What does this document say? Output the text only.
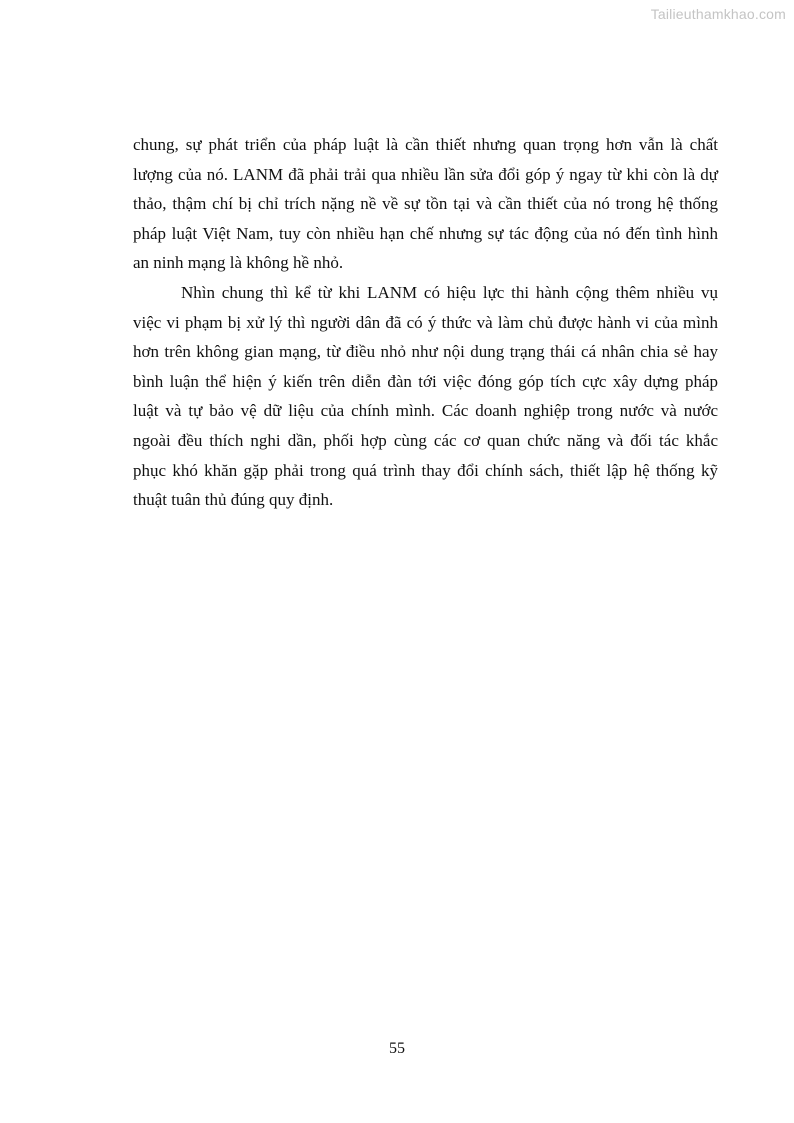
Tailieuthamkhao.com

chung, sự phát triển của pháp luật là cần thiết nhưng quan trọng hơn vẫn là chất
lượng của nó. LANM đã phải trải qua nhiều lần sửa đổi góp ý ngay từ khi còn là dự
thảo, thậm chí bị chỉ trích nặng nề về sự tồn tại và cần thiết của nó trong hệ thống
pháp luật Việt Nam, tuy còn nhiều hạn chế nhưng sự tác động của nó đến tình hình
an ninh mạng là không hề nhỏ.

Nhìn chung thì kể từ khi LANM có hiệu lực thi hành cộng thêm nhiều vụ
việc vi phạm bị xử lý thì người dân đã có ý thức và làm chủ được hành vi của mình
hơn trên không gian mạng, từ điều nhỏ như nội dung trạng thái cá nhân chia sẻ hay
bình luận thể hiện ý kiến trên diễn đàn tới việc đóng góp tích cực xây dựng pháp
luật và tự bảo vệ dữ liệu của chính mình. Các doanh nghiệp trong nước và nước
ngoài đều thích nghi dần, phối hợp cùng các cơ quan chức năng và đối tác khắc
phục khó khăn gặp phải trong quá trình thay đổi chính sách, thiết lập hệ thống kỹ
thuật tuân thủ đúng quy định.

55
